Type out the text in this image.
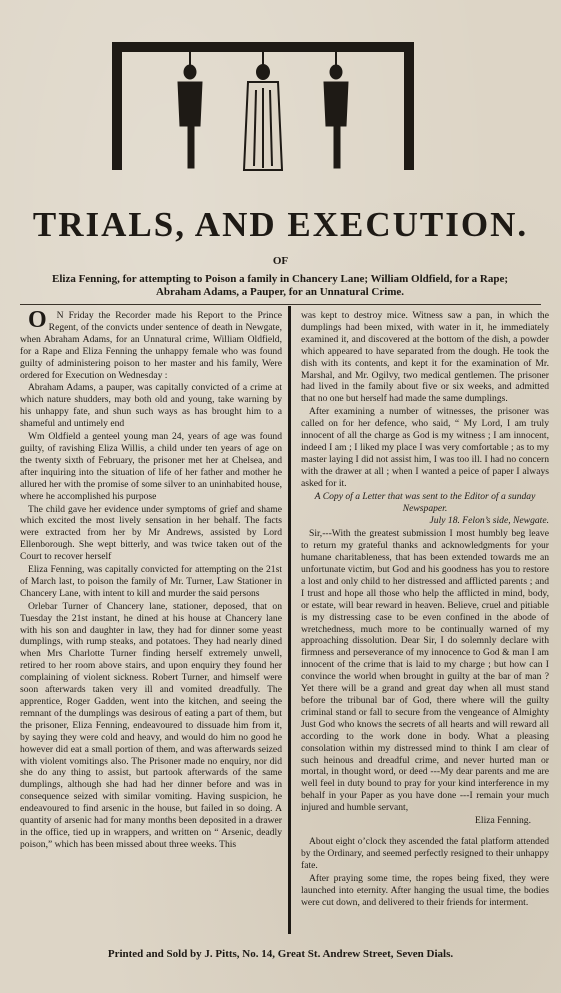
TRIALS, AND EXECUTION.
OF
Eliza Fenning, for attempting to Poison a family in Chancery Lane; William Oldfield, for a Rape; Abraham Adams, a Pauper, for an Unnatural Crime.

ON Friday the Recorder made his Report to the Prince Regent, of the convicts under sentence of death in Newgate, when Abraham Adams, for an Unnatural crime, William Oldfield, for a Rape and Eliza Fenning the unhappy female who was found guilty of administering poison to her master and his family, Were ordered for Execution on Wednesday :

Abraham Adams, a pauper, was capitally convicted of a crime at which nature shudders, may both old and young, take warning by his unhappy fate, and shun such ways as has brought him to a shameful and untimely end

Wm Oldfield a genteel young man 24, years of age was found guilty, of ravishing Eliza Willis, a child under ten years of age on the twenty sixth of February, the prisoner met her at Chelsea, and after inquiring into the situation of life of her father and mother he allured her with the promise of some silver to an uninhabited house, where he accomplished his purpose

The child gave her evidence under symptoms of grief and shame which excited the most lively sensation in her behalf. The facts were extracted from her by Mr Andrews, assisted by Lord Ellenborough. She wept bitterly, and was twice taken out of the Court to recover herself

Eliza Fenning, was capitally convicted for attempting on the 21st of March last, to poison the family of Mr. Turner, Law Stationer in Chancery Lane, with intent to kill and murder the said persons

Orlebar Turner of Chancery lane, stationer, deposed, that on Tuesday the 21st instant, he dined at his house at Chancery lane with his son and daughter in law, they had for dinner some yeast dumplings, with rump steaks, and potatoes. They had nearly dined when Mrs Charlotte Turner finding herself extremely unwell, retired to her room above stairs, and upon enquiry they found her complaining of violent sickness. Robert Turner, and himself were soon afterwards taken very ill and vomited dreadfully. The apprentice, Roger Gadden, went into the kitchen, and seeing the remnant of the dumplings was desirous of eating a part of them, but the prisoner, Eliza Fenning, endeavoured to dissuade him from it, by saying they were cold and heavy, and would do him no good he however did eat a small portion of them, and was afterwards seized with violent vomitings also. The Prisoner made no enquiry, nor did she do any thing to assist, but partook afterwards of the same dumplings, although she had had her dinner before and was in consequence seized with similar vomiting. Having suspicion, he endeavoured to find arsenic in the house, but failed in so doing. A quantity of arsenic had for many months been deposited in a drawer in the office, tied up in wrappers, and written on “ Arsenic, deadly poison,” which has been missed about three weeks. This

was kept to destroy mice. Witness saw a pan, in which the dumplings had been mixed, with water in it, he immediately examined it, and discovered at the bottom of the dish, a powder which appeared to have separated from the dough. He took the dish with its contents, and kept it for the examination of Mr. Marshal, and Mr. Ogilvy, two medical gentlemen. The prisoner had lived in the family about five or six weeks, and admitted that no one but herself had made the same dumplings.

After examining a number of witnesses, the prisoner was called on for her defence, who said, “ My Lord, I am truly innocent of all the charge as God is my witness ; I am innocent, indeed I am ; I liked my place I was very comfortable ; as to my master laying I did not assist him, I was too ill. I had no concern with the drawer at all ; when I wanted a peice of paper I always asked for it.

A Copy of a Letter that was sent to the Editor of a sunday Newspaper.

July 18. Felon’s side, Newgate.

Sir,---With the greatest submission I most humbly beg leave to return my grateful thanks and acknowledgments for your humane charitableness, that has been extended towards me an unfortunate victim, but God and his goodness has you to restore a lost and only child to her distressed and afflicted parents ; and I trust and hope all those who help the afflicted in mind, body, or estate, will bear reward in heaven. Believe, cruel and pitiable is my distressing case to be even confined in the abode of wretchedness, much more to be continually warned of my approaching dissolution. Dear Sir, I do solemnly declare with firmness and perseverance of my innocence to God & man I am innocent of the crime that is laid to my charge ; but how can I convince the world when brought in guilty at the bar of man ? Yet there will be a grand and great day when all must stand before the tribunal bar of God, there where will the guilty criminal stand or fall to secure from the vengeance of Almighty Just God who knows the secrets of all hearts and will reward all according to the work done in body. What a pleasing consolation within my distressed mind to think I am clear of such heinous and dreadful crime, and never hurted man or mortal, in thought word, or deed ---My dear parents and me are well feel in duty bound to pray for your kind interference in my behalf in your Paper as you have done ---I remain your much injured and humble servant,

Eliza Fenning.

About eight o’clock they ascended the fatal platform attended by the Ordinary, and seemed perfectly resigned to their unhappy fate.

After praying some time, the ropes being fixed, they were launched into eternity. After hanging the usual time, the bodies were cut down, and delivered to their friends for interment.

Printed and Sold by J. Pitts, No. 14, Great St. Andrew Street, Seven Dials.
